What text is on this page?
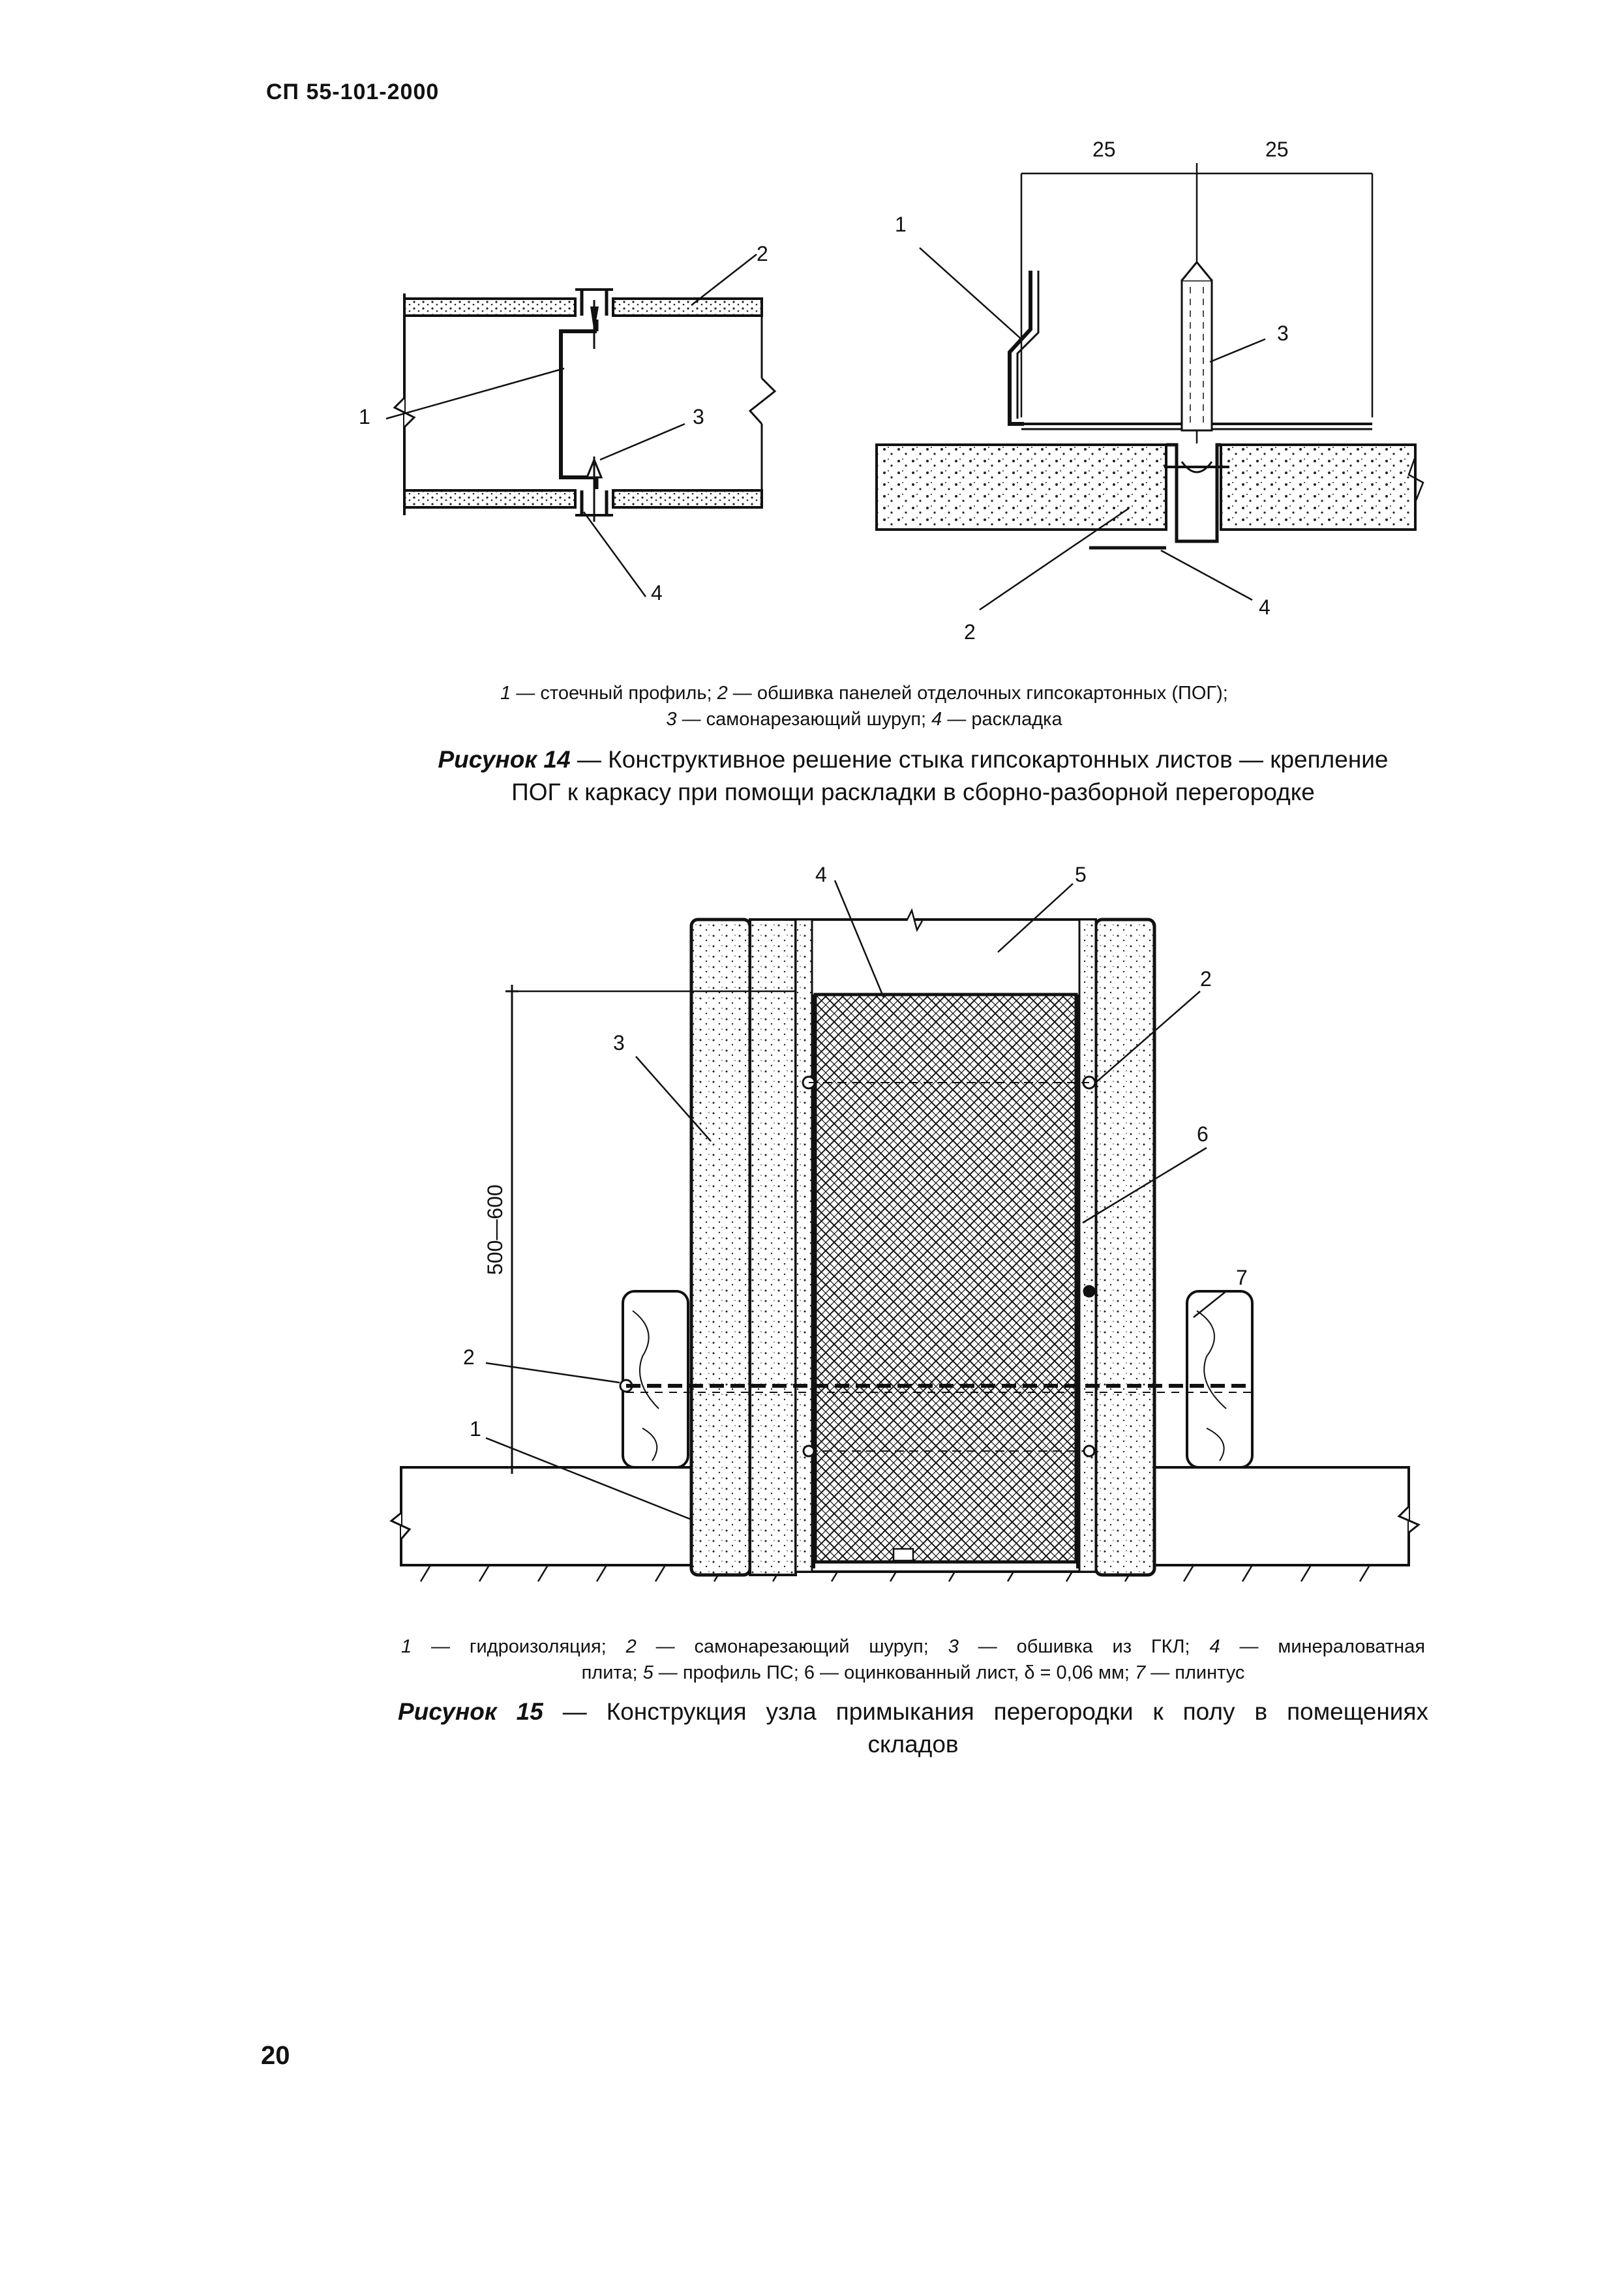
СП 55-101-2000
2
1	3
4
25	25
1
3
2
4
1 — стоечный профиль; 2 — обшивка панелей отделочных гипсокартонных (ПОГ);
3 — самонарезающий шуруп; 4 — раскладка
Рисунок 14 — Конструктивное решение стыка гипсокартонных листов — крепление
ПОГ к каркасу при помощи раскладки в сборно-разборной перегородке
500—600
4	5
2
3
6
7
2
1
1 — гидроизоляция; 2 — самонарезающий шуруп; 3 — обшивка из ГКЛ; 4 — минераловатная
плита; 5 — профиль ПС; 6 — оцинкованный лист, δ = 0,06 мм; 7 — плинтус
Рисунок 15 — Конструкция узла примыкания перегородки к полу в помещениях
складов
20
